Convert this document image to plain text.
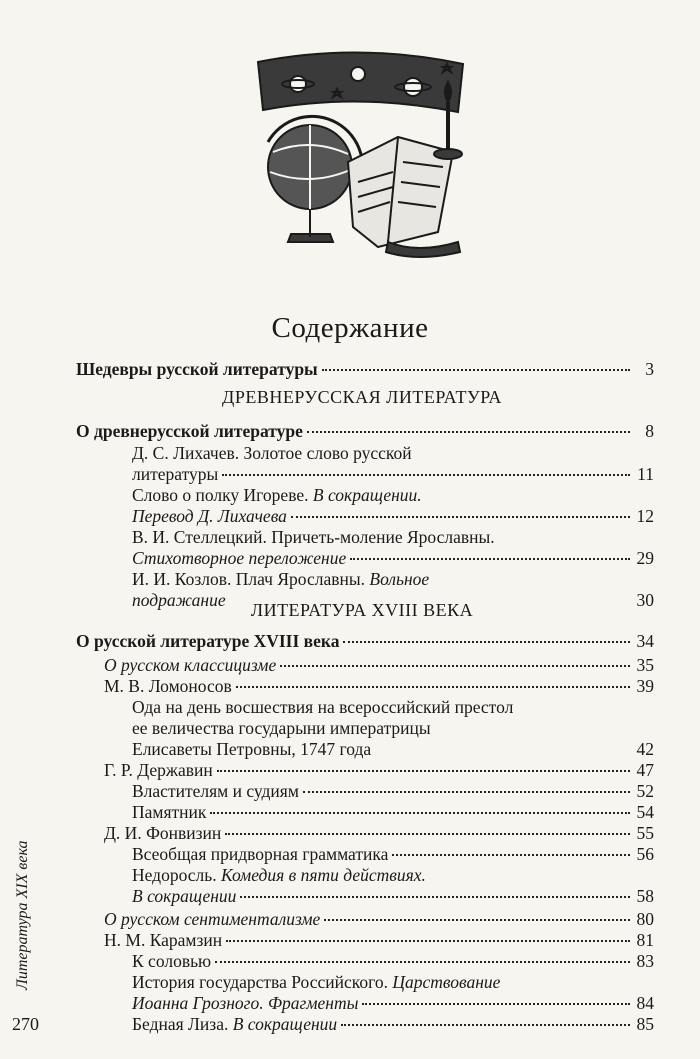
Содержание
Шедевры русской литературы	3
ДРЕВНЕРУССКАЯ ЛИТЕРАТУРА
О древнерусской литературе	8
Д. С. Лихачев. Золотое слово русской
литературы	11
Слово о полку Игореве. В сокращении.
Перевод Д. Лихачева	12
В. И. Стеллецкий. Причеть-моление Ярославны.
Стихотворное переложение	29
И. И. Козлов. Плач Ярославны. Вольное
подражание	30
ЛИТЕРАТУРА XVIII ВЕКА
О русской литературе XVIII века	34
О русском классицизме	35
М. В. Ломоносов	39
Ода на день восшествия на всероссийский престол
ее величества государыни императрицы
Елисаветы Петровны, 1747 года	42
Г. Р. Державин	47
Властителям и судиям	52
Памятник	54
Д. И. Фонвизин	55
Всеобщая придворная грамматика	56
Недоросль. Комедия в пяти действиях.
В сокращении	58
О русском сентиментализме	80
Н. М. Карамзин	81
К соловью	83
История государства Российского. Царствование
Иоанна Грозного. Фрагменты	84
Бедная Лиза. В сокращении	85
Литература XIX века
270
